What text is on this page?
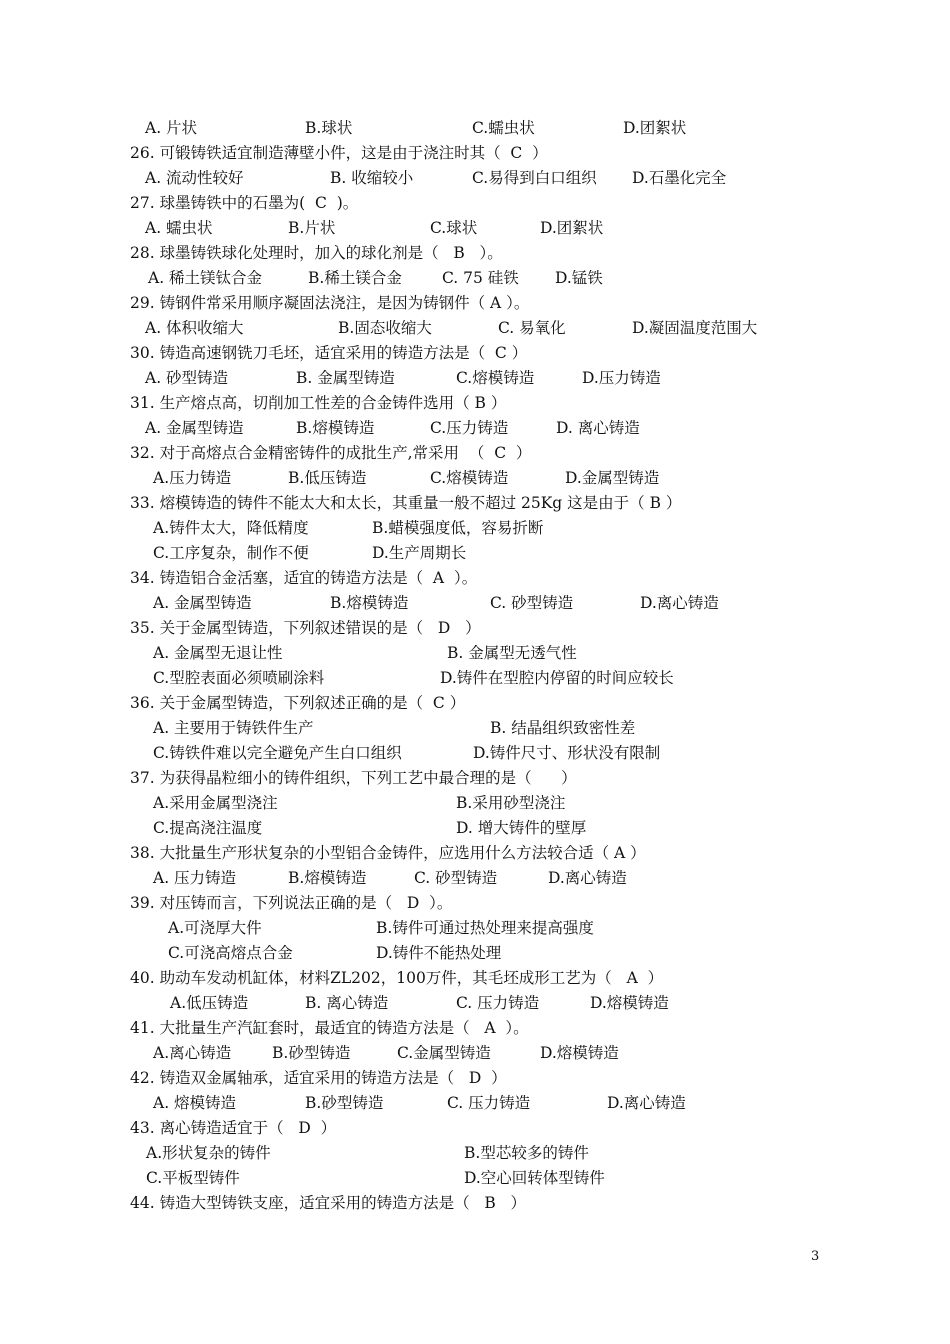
A. 片状	B.球状	C.蠕虫状	D.团絮状
26. 可锻铸铁适宜制造薄壁小件，这是由于浇注时其（  C  ）
A. 流动性较好	B. 收缩较小	C.易得到白口组织 D.石墨化完全
27. 球墨铸铁中的石墨为(  C  )。
A. 蠕虫状	B.片状	C.球状	D.团絮状
28. 球墨铸铁球化处理时，加入的球化剂是（   B   ）。
A. 稀土镁钛合金	B.稀土镁合金	C. 75 硅铁 D.锰铁
29. 铸钢件常采用顺序凝固法浇注，是因为铸钢件（ A ）。
A. 体积收缩大	B.固态收缩大	C. 易氧化	D.凝固温度范围大
30. 铸造高速钢铣刀毛坯，适宜采用的铸造方法是（  C ）
A. 砂型铸造	B. 金属型铸造	C.熔模铸造	D.压力铸造
31. 生产熔点高，切削加工性差的合金铸件选用（ B ）
A. 金属型铸造	B.熔模铸造	C.压力铸造	D. 离心铸造
32. 对于高熔点合金精密铸件的成批生产,常采用  （  C  ）
A.压力铸造	B.低压铸造	C.熔模铸造	D.金属型铸造
33. 熔模铸造的铸件不能太大和太长，其重量一般不超过 25Kg 这是由于（ B ）
A.铸件太大，降低精度	B.蜡模强度低，容易折断
C.工序复杂，制作不便	D.生产周期长
34. 铸造铝合金活塞，适宜的铸造方法是（  A  ）。
A. 金属型铸造	B.熔模铸造	C. 砂型铸造	D.离心铸造
35. 关于金属型铸造，下列叙述错误的是（   D   ）
A. 金属型无退让性	B. 金属型无透气性
C.型腔表面必须喷刷涂料	D.铸件在型腔内停留的时间应较长
36. 关于金属型铸造，下列叙述正确的是（  C ）
A. 主要用于铸铁件生产	B. 结晶组织致密性差
C.铸铁件难以完全避免产生白口组织	D.铸件尺寸、形状没有限制
37. 为获得晶粒细小的铸件组织，下列工艺中最合理的是（      ）
A.采用金属型浇注	B.采用砂型浇注
C.提高浇注温度	D. 增大铸件的壁厚
38. 大批量生产形状复杂的小型铝合金铸件，应选用什么方法较合适（ A ）
A. 压力铸造	B.熔模铸造	C. 砂型铸造	D.离心铸造
39. 对压铸而言，下列说法正确的是（   D  ）。
A.可浇厚大件	B.铸件可通过热处理来提高强度
C.可浇高熔点合金	D.铸件不能热处理
40. 助动车发动机缸体，材料ZL202，100万件，其毛坯成形工艺为（   A  ）
A.低压铸造	B. 离心铸造	C. 压力铸造	D.熔模铸造
41. 大批量生产汽缸套时，最适宜的铸造方法是（   A  ）。
A.离心铸造	B.砂型铸造	C.金属型铸造	D.熔模铸造
42. 铸造双金属轴承，适宜采用的铸造方法是（   D  ）
A. 熔模铸造	B.砂型铸造	C. 压力铸造	D.离心铸造
43. 离心铸造适宜于（   D  ）
A.形状复杂的铸件	B.型芯较多的铸件
C.平板型铸件	D.空心回转体型铸件
44. 铸造大型铸铁支座，适宜采用的铸造方法是（   B   ）
3
